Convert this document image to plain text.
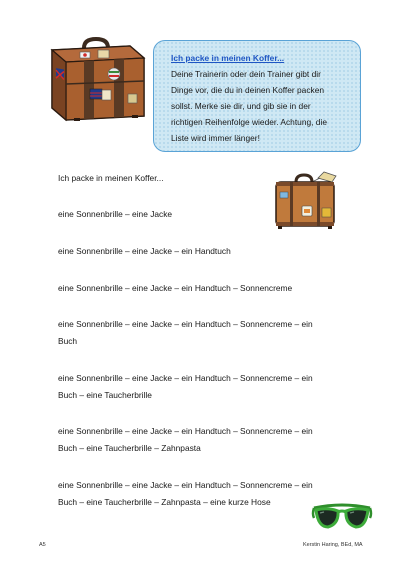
Ich packe in meinen Koffer...

Deine Trainerin oder dein Trainer gibt dir

Dinge vor, die du in deinen Koffer packen

sollst. Merke sie dir, und gib sie in der

richtigen Reihenfolge wieder. Achtung, die

Liste wird immer länger!

Ich packe in meinen Koffer...
eine Sonnenbrille – eine Jacke
eine Sonnenbrille – eine Jacke – ein Handtuch
eine Sonnenbrille – eine Jacke – ein Handtuch – Sonnencreme
eine Sonnenbrille – eine Jacke – ein Handtuch – Sonnencreme – ein
Buch
eine Sonnenbrille – eine Jacke – ein Handtuch – Sonnencreme – ein
Buch – eine Taucherbrille
eine Sonnenbrille – eine Jacke – ein Handtuch – Sonnencreme – ein
Buch – eine Taucherbrille – Zahnpasta
eine Sonnenbrille – eine Jacke – ein Handtuch – Sonnencreme – ein
Buch – eine Taucherbrille – Zahnpasta – eine kurze Hose
A5	Kerstin Haring, BEd, MA
